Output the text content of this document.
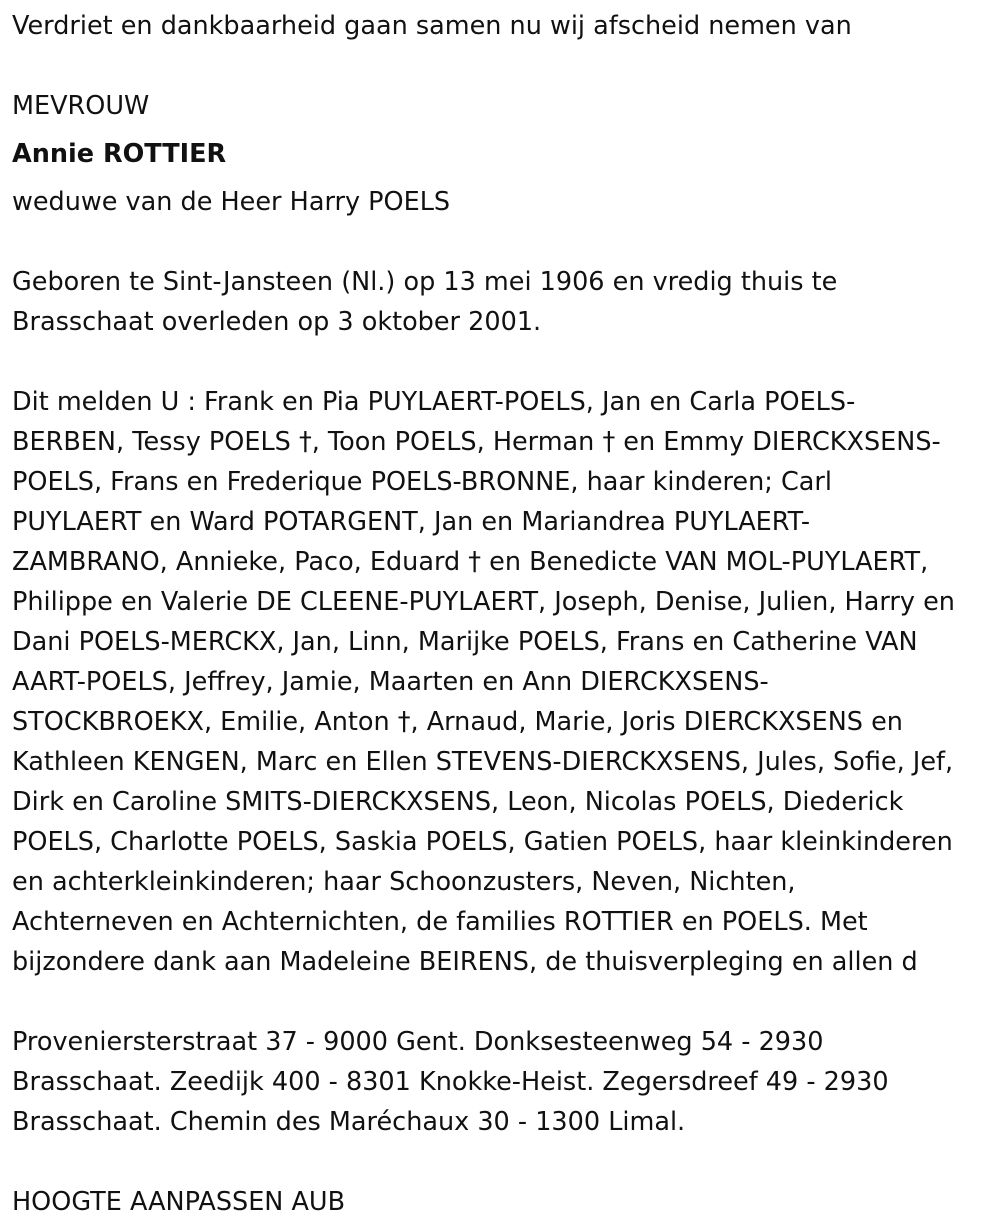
Verdriet en dankbaarheid gaan samen nu wij afscheid nemen van
MEVROUW
Annie ROTTIER
weduwe van de Heer Harry POELS
Geboren te Sint-Jansteen (Nl.) op 13 mei 1906 en vredig thuis te
Brasschaat overleden op 3 oktober 2001.
Dit melden U : Frank en Pia PUYLAERT-POELS, Jan en Carla POELS-
BERBEN, Tessy POELS †, Toon POELS, Herman † en Emmy DIERCKXSENS-
POELS, Frans en Frederique POELS-BRONNE, haar kinderen; Carl
PUYLAERT en Ward POTARGENT, Jan en Mariandrea PUYLAERT-
ZAMBRANO, Annieke, Paco, Eduard † en Benedicte VAN MOL-PUYLAERT,
Philippe en Valerie DE CLEENE-PUYLAERT, Joseph, Denise, Julien, Harry en
Dani POELS-MERCKX, Jan, Linn, Marijke POELS, Frans en Catherine VAN
AART-POELS, Jeffrey, Jamie, Maarten en Ann DIERCKXSENS-
STOCKBROEKX, Emilie, Anton †, Arnaud, Marie, Joris DIERCKXSENS en
Kathleen KENGEN, Marc en Ellen STEVENS-DIERCKXSENS, Jules, Sofie, Jef,
Dirk en Caroline SMITS-DIERCKXSENS, Leon, Nicolas POELS, Diederick
POELS, Charlotte POELS, Saskia POELS, Gatien POELS, haar kleinkinderen
en achterkleinkinderen; haar Schoonzusters, Neven, Nichten,
Achterneven en Achternichten, de families ROTTIER en POELS. Met
bijzondere dank aan Madeleine BEIRENS, de thuisverpleging en allen d
Proveniersterstraat 37 - 9000 Gent. Donksesteenweg 54 - 2930
Brasschaat. Zeedijk 400 - 8301 Knokke-Heist. Zegersdreef 49 - 2930
Brasschaat. Chemin des Maréchaux 30 - 1300 Limal.
HOOGTE AANPASSEN AUB
